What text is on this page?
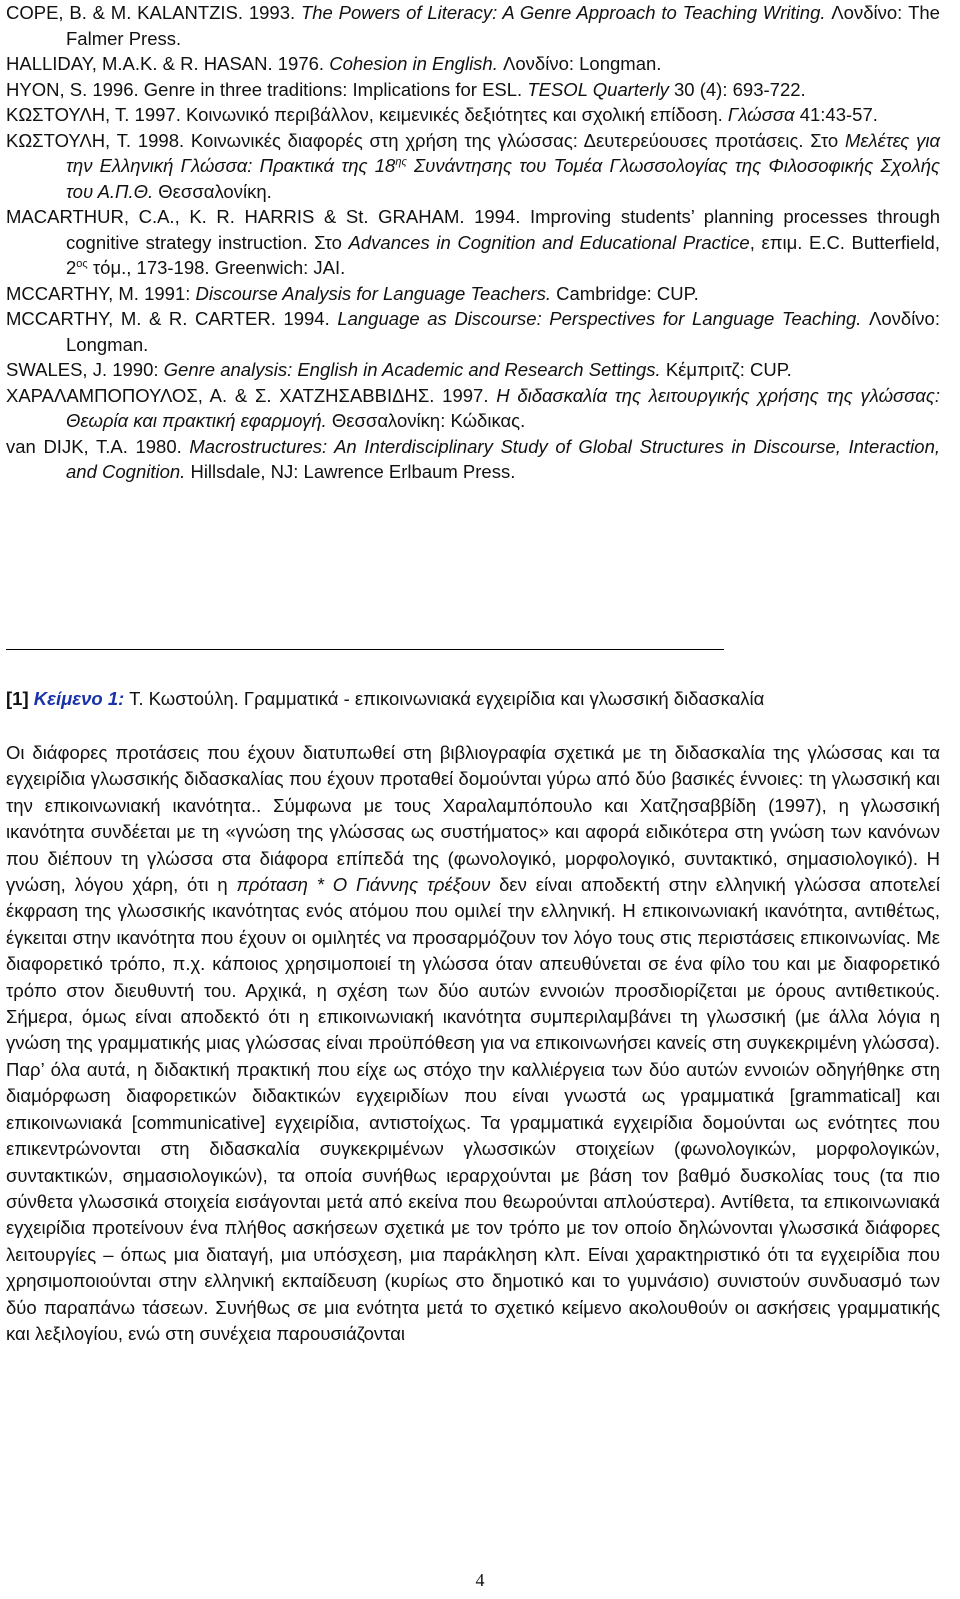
COPE, B. & M. KALANTZIS. 1993. The Powers of Literacy: A Genre Approach to Teaching Writing. Λονδίνο: The Falmer Press.

HALLIDAY, M.A.K. & R. HASAN. 1976. Cohesion in English. Λονδίνο: Longman.

HYON, S. 1996. Genre in three traditions: Implications for ESL. TESOL Quarterly 30 (4): 693-722.

ΚΩΣΤΟΥΛΗ, Τ. 1997. Κοινωνικό περιβάλλον, κειμενικές δεξιότητες και σχολική επίδοση. Γλώσσα 41:43-57.

ΚΩΣΤΟΥΛΗ, Τ. 1998. Κοινωνικές διαφορές στη χρήση της γλώσσας: Δευτερεύουσες προτάσεις. Στο Μελέτες για την Ελληνική Γλώσσα: Πρακτικά της $18^{\eta\varsigma}$ Συνάντησης του Τομέα Γλωσσολογίας της Φιλοσοφικής Σχολής του Α.Π.Θ. Θεσσαλονίκη.

MACARTHUR, C.A., K. R. HARRIS & St. GRAHAM. 1994. Improving students’ planning processes through cognitive strategy instruction. Στο Advances in Cognition and Educational Practice, επιμ. E.C. Butterfield, $2^{o\varsigma}$ τόμ., 173-198. Greenwich: JAI.

MCCARTHY, M. 1991: Discourse Analysis for Language Teachers. Cambridge: CUP.

MCCARTHY, M. & R. CARTER. 1994. Language as Discourse: Perspectives for Language Teaching. Λονδίνο: Longman.

SWALES, J. 1990: Genre analysis: English in Academic and Research Settings. Κέμπριτζ: CUP.

ΧΑΡΑΛΑΜΠΟΠΟΥΛΟΣ, Α. & Σ. ΧΑΤΖΗΣΑΒΒΙΔΗΣ. 1997. Η διδασκαλία της λειτουργικής χρήσης της γλώσσας: Θεωρία και πρακτική εφαρμογή. Θεσσαλονίκη: Κώδικας.

van DIJK, T.A. 1980. Macrostructures: An Interdisciplinary Study of Global Structures in Discourse, Interaction, and Cognition. Hillsdale, NJ: Lawrence Erlbaum Press.

[1] Κείμενο 1: Τ. Κωστούλη. Γραμματικά - επικοινωνιακά εγχειρίδια και γλωσσική διδασκαλία

Οι διάφορες προτάσεις που έχουν διατυπωθεί στη βιβλιογραφία σχετικά με τη διδασκαλία της γλώσσας και τα εγχειρίδια γλωσσικής διδασκαλίας που έχουν προταθεί δομούνται γύρω από δύο βασικές έννοιες: τη γλωσσική και την επικοινωνιακή ικανότητα.. Σύμφωνα με τους Χαραλαμπόπουλο και Χατζησαββίδη (1997), η γλωσσική ικανότητα συνδέεται με τη «γνώση της γλώσσας ως συστήματος» και αφορά ειδικότερα στη γνώση των κανόνων που διέπουν τη γλώσσα στα διάφορα επίπεδά της (φωνολογικό, μορφολογικό, συντακτικό, σημασιολογικό). Η γνώση, λόγου χάρη, ότι η πρόταση * Ο Γιάννης τρέξουν δεν είναι αποδεκτή στην ελληνική γλώσσα αποτελεί έκφραση της γλωσσικής ικανότητας ενός ατόμου που ομιλεί την ελληνική. Η επικοινωνιακή ικανότητα, αντιθέτως, έγκειται στην ικανότητα που έχουν οι ομιλητές να προσαρμόζουν τον λόγο τους στις περιστάσεις επικοινωνίας. Με διαφορετικό τρόπο, π.χ. κάποιος χρησιμοποιεί τη γλώσσα όταν απευθύνεται σε ένα φίλο του και με διαφορετικό τρόπο στον διευθυντή του. Αρχικά, η σχέση των δύο αυτών εννοιών προσδιορίζεται με όρους αντιθετικούς. Σήμερα, όμως είναι αποδεκτό ότι η επικοινωνιακή ικανότητα συμπεριλαμβάνει τη γλωσσική (με άλλα λόγια η γνώση της γραμματικής μιας γλώσσας είναι προϋπόθεση για να επικοινωνήσει κανείς στη συγκεκριμένη γλώσσα). Παρ’ όλα αυτά, η διδακτική πρακτική που είχε ως στόχο την καλλιέργεια των δύο αυτών εννοιών οδηγήθηκε στη διαμόρφωση διαφορετικών διδακτικών εγχειριδίων που είναι γνωστά ως γραμματικά [grammatical] και επικοινωνιακά [communicative] εγχειρίδια, αντιστοίχως. Τα γραμματικά εγχειρίδια δομούνται ως ενότητες που επικεντρώνονται στη διδασκαλία συγκεκριμένων γλωσσικών στοιχείων (φωνολογικών, μορφολογικών, συντακτικών, σημασιολογικών), τα οποία συνήθως ιεραρχούνται με βάση τον βαθμό δυσκολίας τους (τα πιο σύνθετα γλωσσικά στοιχεία εισάγονται μετά από εκείνα που θεωρούνται απλούστερα). Αντίθετα, τα επικοινωνιακά εγχειρίδια προτείνουν ένα πλήθος ασκήσεων σχετικά με τον τρόπο με τον οποίο δηλώνονται γλωσσικά διάφορες λειτουργίες – όπως μια διαταγή, μια υπόσχεση, μια παράκληση κλπ. Είναι χαρακτηριστικό ότι τα εγχειρίδια που χρησιμοποιούνται στην ελληνική εκπαίδευση (κυρίως στο δημοτικό και το γυμνάσιο) συνιστούν συνδυασμό των δύο παραπάνω τάσεων. Συνήθως σε μια ενότητα μετά το σχετικό κείμενο ακολουθούν οι ασκήσεις γραμματικής και λεξιλογίου, ενώ στη συνέχεια παρουσιάζονται

4
